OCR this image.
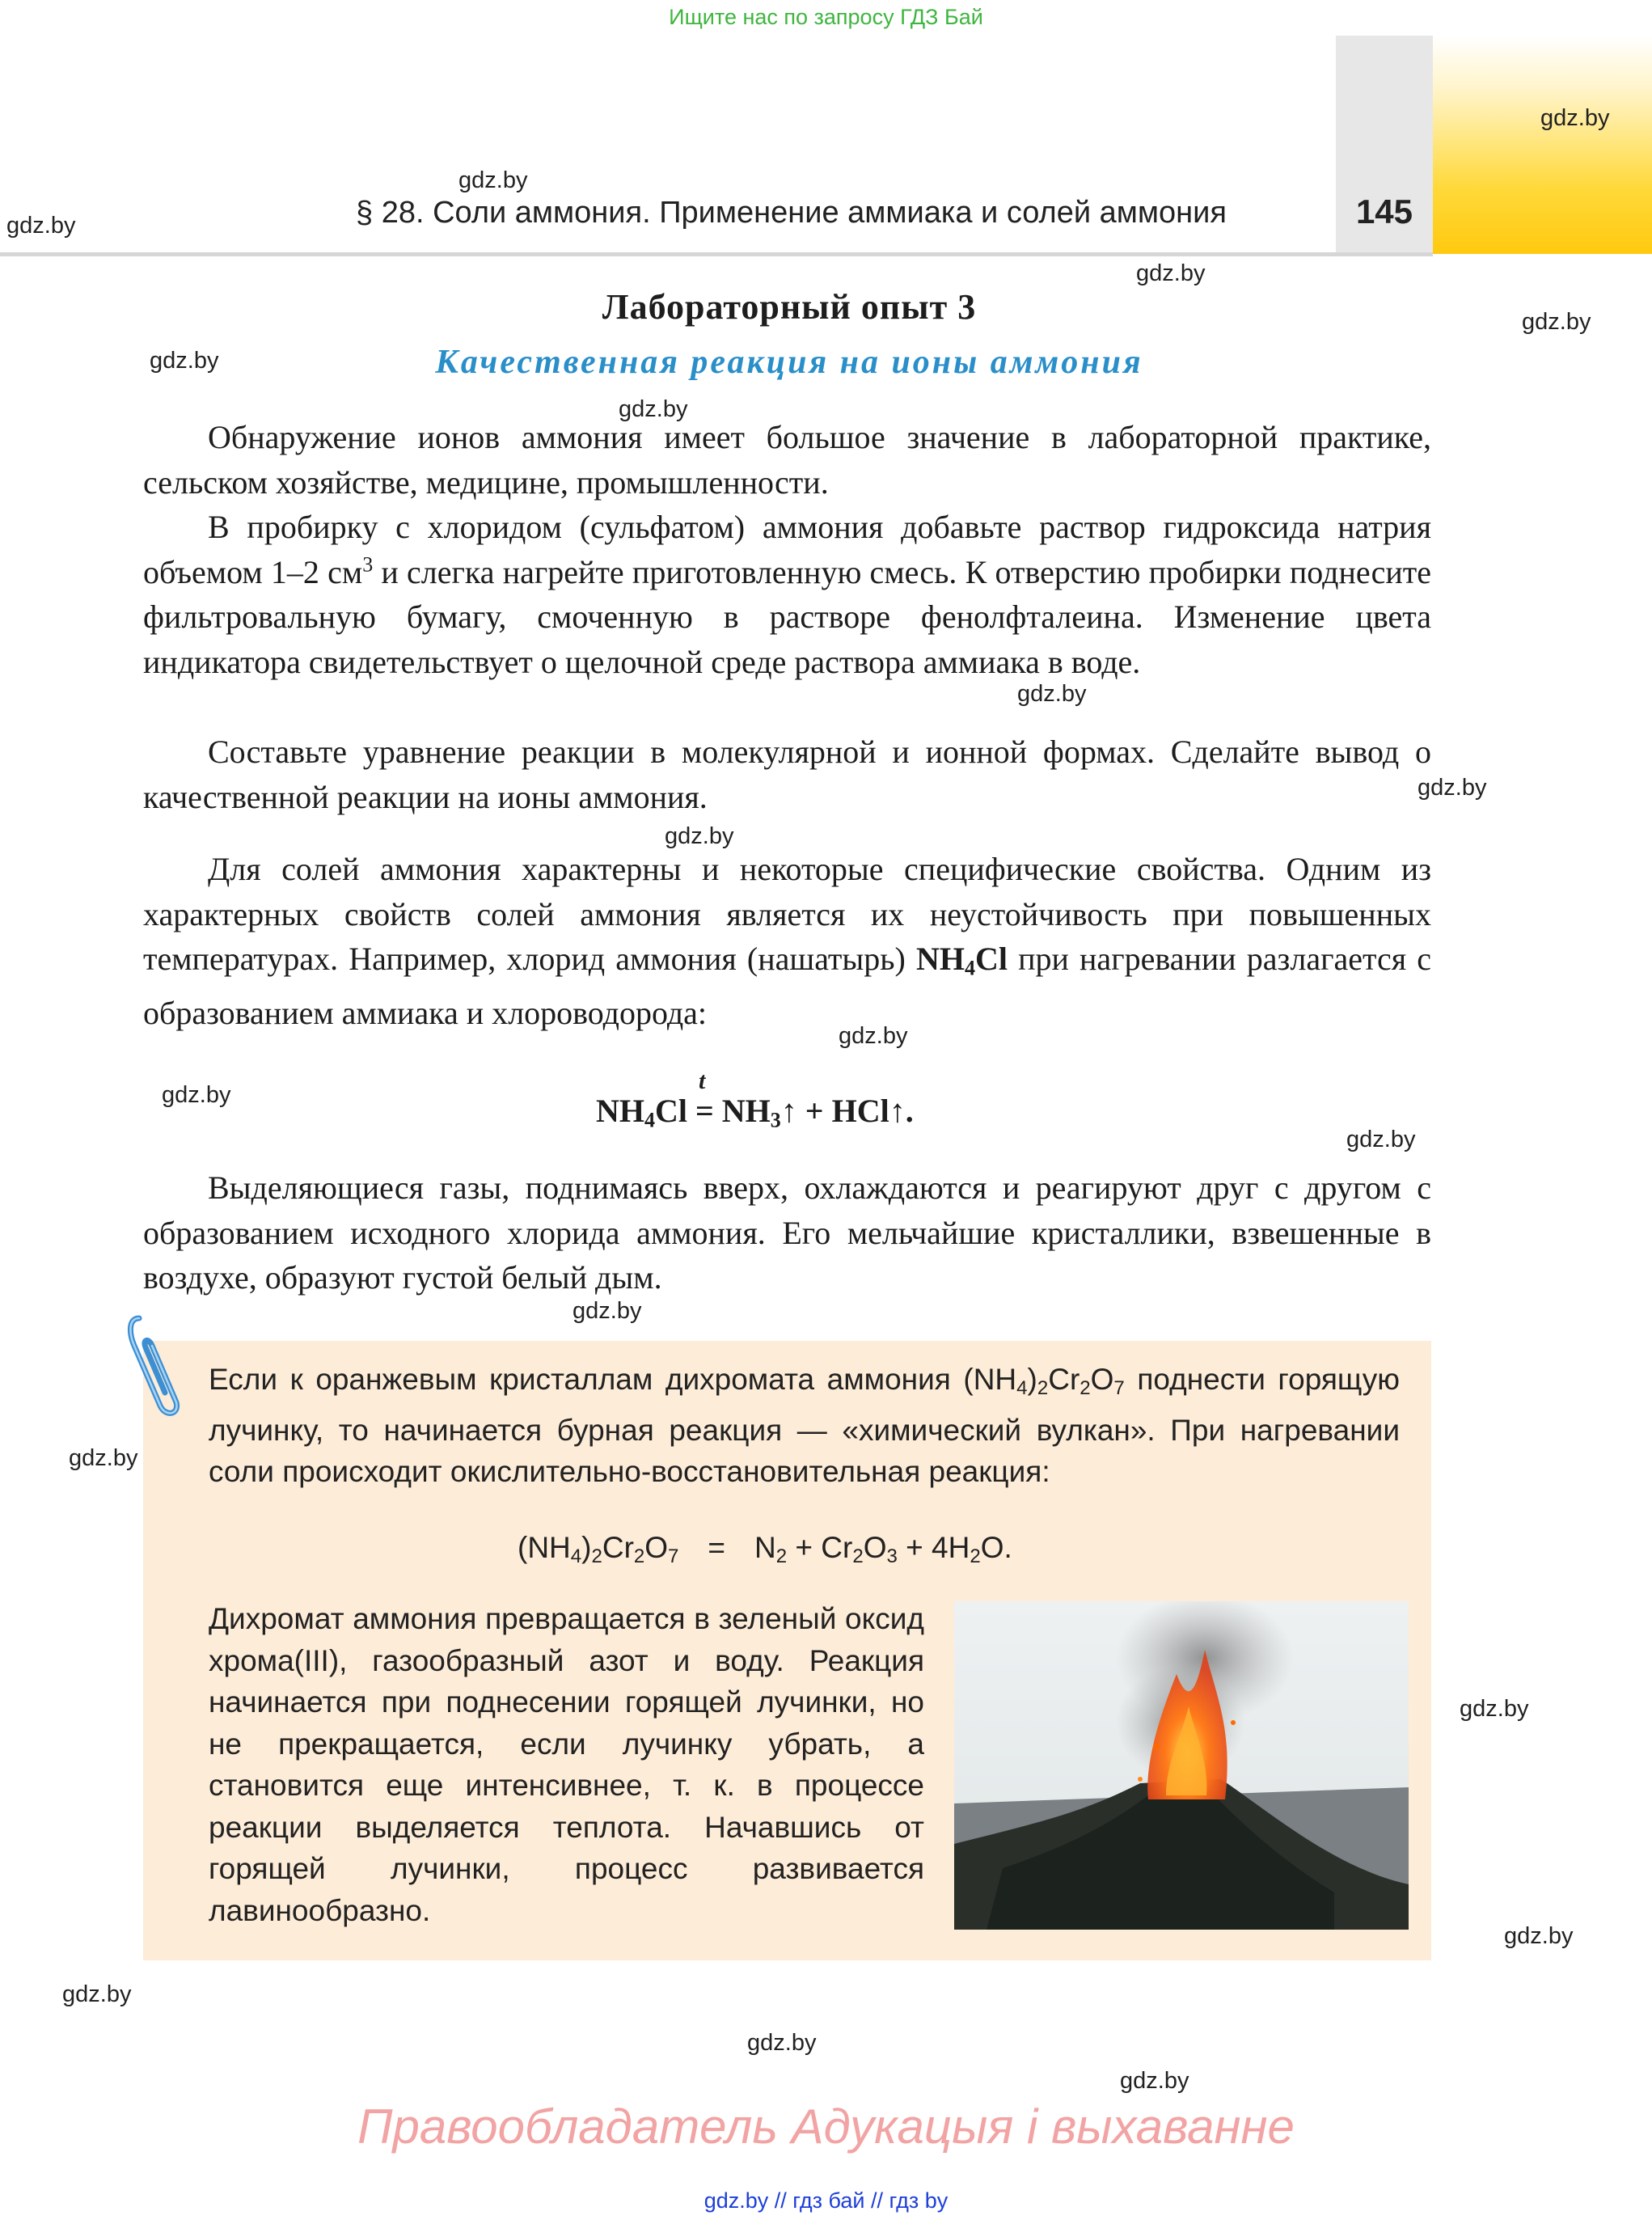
Ищите нас по запросу ГДЗ Бай
145
§ 28. Соли аммония. Применение аммиака и солей аммония
gdz.by
gdz.by
gdz.by
gdz.by
gdz.by
gdz.by
gdz.by
gdz.by
gdz.by
gdz.by
gdz.by
gdz.by
gdz.by
gdz.by
gdz.by
gdz.by
gdz.by
gdz.by
gdz.by
gdz.by
Лабораторный опыт 3
Качественная реакция на ионы аммония
Обнаружение ионов аммония имеет большое значение в лабораторной практике, сельском хозяйстве, медицине, промышленности.
В пробирку с хлоридом (сульфатом) аммония добавьте раствор гидроксида натрия объемом 1–2 $см^3$ и слегка нагрейте приготовленную смесь. К отверстию пробирки поднесите фильтровальную бумагу, смоченную в растворе фенолфталеина. Изменение цвета индикатора свидетельствует о щелочной среде раствора аммиака в воде.
Составьте уравнение реакции в молекулярной и ионной формах. Сделайте вывод о качественной реакции на ионы аммония.
Для солей аммония характерны и некоторые специфические свойства. Одним из характерных свойств солей аммония является их неустойчивость при повышенных температурах. Например, хлорид аммония (нашатырь) $NH_4Cl$ при нагревании разлагается с образованием аммиака и хлороводорода:
$NH_4Cl$
t
= $NH_3↑$ + HCl↑.
Выделяющиеся газы, поднимаясь вверх, охлаждаются и реагируют друг с другом с образованием исходного хлорида аммония. Его мельчайшие кристаллики, взвешенные в воздухе, образуют густой белый дым.
Если к оранжевым кристаллам дихромата аммония $(NH_4)_2Cr_2O_7$ поднести горящую лучинку, то начинается бурная реакция — «химический вулкан». При нагревании соли происходит окислительно-восстановительная реакция:
$(NH_4)_2Cr_2O_7 = N_2 + Cr_2O_3 + 4H_2O$.
Дихромат аммония превращается в зеленый оксид хрома(III), газообразный азот и воду. Реакция начинается при поднесении горящей лучинки, но не прекращается, если лучинку убрать, а становится еще интенсивнее, т. к. в процессе реакции выделяется теплота. Начавшись от горящей лучинки, процесс развивается лавинообразно.
Правообладатель Адукацыя і выхаванне
gdz.by // гдз бай // гдз by
